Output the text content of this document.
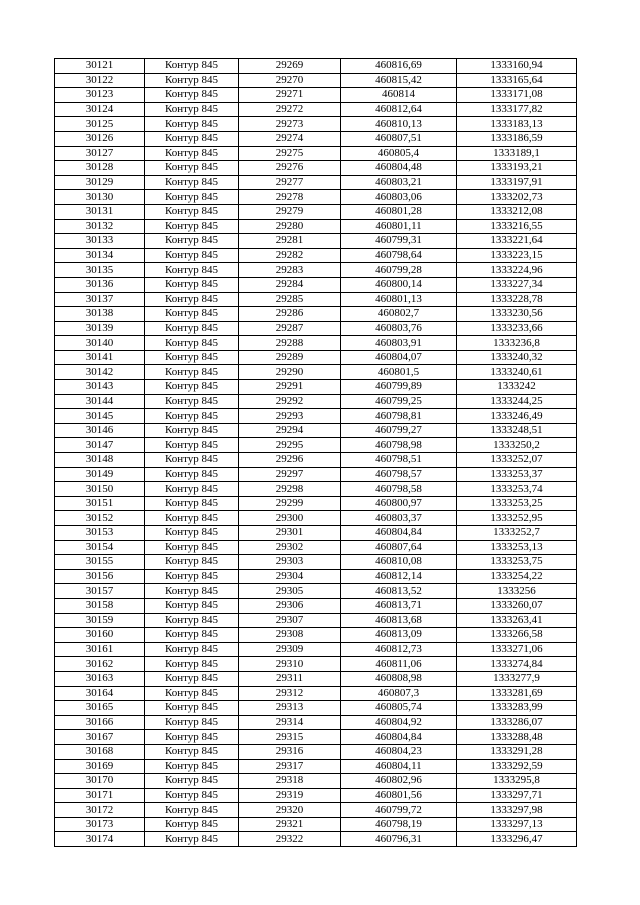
30121	Контур 845	29269	460816,69	1333160,94
30122	Контур 845	29270	460815,42	1333165,64
30123	Контур 845	29271	460814	1333171,08
30124	Контур 845	29272	460812,64	1333177,82
30125	Контур 845	29273	460810,13	1333183,13
30126	Контур 845	29274	460807,51	1333186,59
30127	Контур 845	29275	460805,4	1333189,1
30128	Контур 845	29276	460804,48	1333193,21
30129	Контур 845	29277	460803,21	1333197,91
30130	Контур 845	29278	460803,06	1333202,73
30131	Контур 845	29279	460801,28	1333212,08
30132	Контур 845	29280	460801,11	1333216,55
30133	Контур 845	29281	460799,31	1333221,64
30134	Контур 845	29282	460798,64	1333223,15
30135	Контур 845	29283	460799,28	1333224,96
30136	Контур 845	29284	460800,14	1333227,34
30137	Контур 845	29285	460801,13	1333228,78
30138	Контур 845	29286	460802,7	1333230,56
30139	Контур 845	29287	460803,76	1333233,66
30140	Контур 845	29288	460803,91	1333236,8
30141	Контур 845	29289	460804,07	1333240,32
30142	Контур 845	29290	460801,5	1333240,61
30143	Контур 845	29291	460799,89	1333242
30144	Контур 845	29292	460799,25	1333244,25
30145	Контур 845	29293	460798,81	1333246,49
30146	Контур 845	29294	460799,27	1333248,51
30147	Контур 845	29295	460798,98	1333250,2
30148	Контур 845	29296	460798,51	1333252,07
30149	Контур 845	29297	460798,57	1333253,37
30150	Контур 845	29298	460798,58	1333253,74
30151	Контур 845	29299	460800,97	1333253,25
30152	Контур 845	29300	460803,37	1333252,95
30153	Контур 845	29301	460804,84	1333252,7
30154	Контур 845	29302	460807,64	1333253,13
30155	Контур 845	29303	460810,08	1333253,75
30156	Контур 845	29304	460812,14	1333254,22
30157	Контур 845	29305	460813,52	1333256
30158	Контур 845	29306	460813,71	1333260,07
30159	Контур 845	29307	460813,68	1333263,41
30160	Контур 845	29308	460813,09	1333266,58
30161	Контур 845	29309	460812,73	1333271,06
30162	Контур 845	29310	460811,06	1333274,84
30163	Контур 845	29311	460808,98	1333277,9
30164	Контур 845	29312	460807,3	1333281,69
30165	Контур 845	29313	460805,74	1333283,99
30166	Контур 845	29314	460804,92	1333286,07
30167	Контур 845	29315	460804,84	1333288,48
30168	Контур 845	29316	460804,23	1333291,28
30169	Контур 845	29317	460804,11	1333292,59
30170	Контур 845	29318	460802,96	1333295,8
30171	Контур 845	29319	460801,56	1333297,71
30172	Контур 845	29320	460799,72	1333297,98
30173	Контур 845	29321	460798,19	1333297,13
30174	Контур 845	29322	460796,31	1333296,47
